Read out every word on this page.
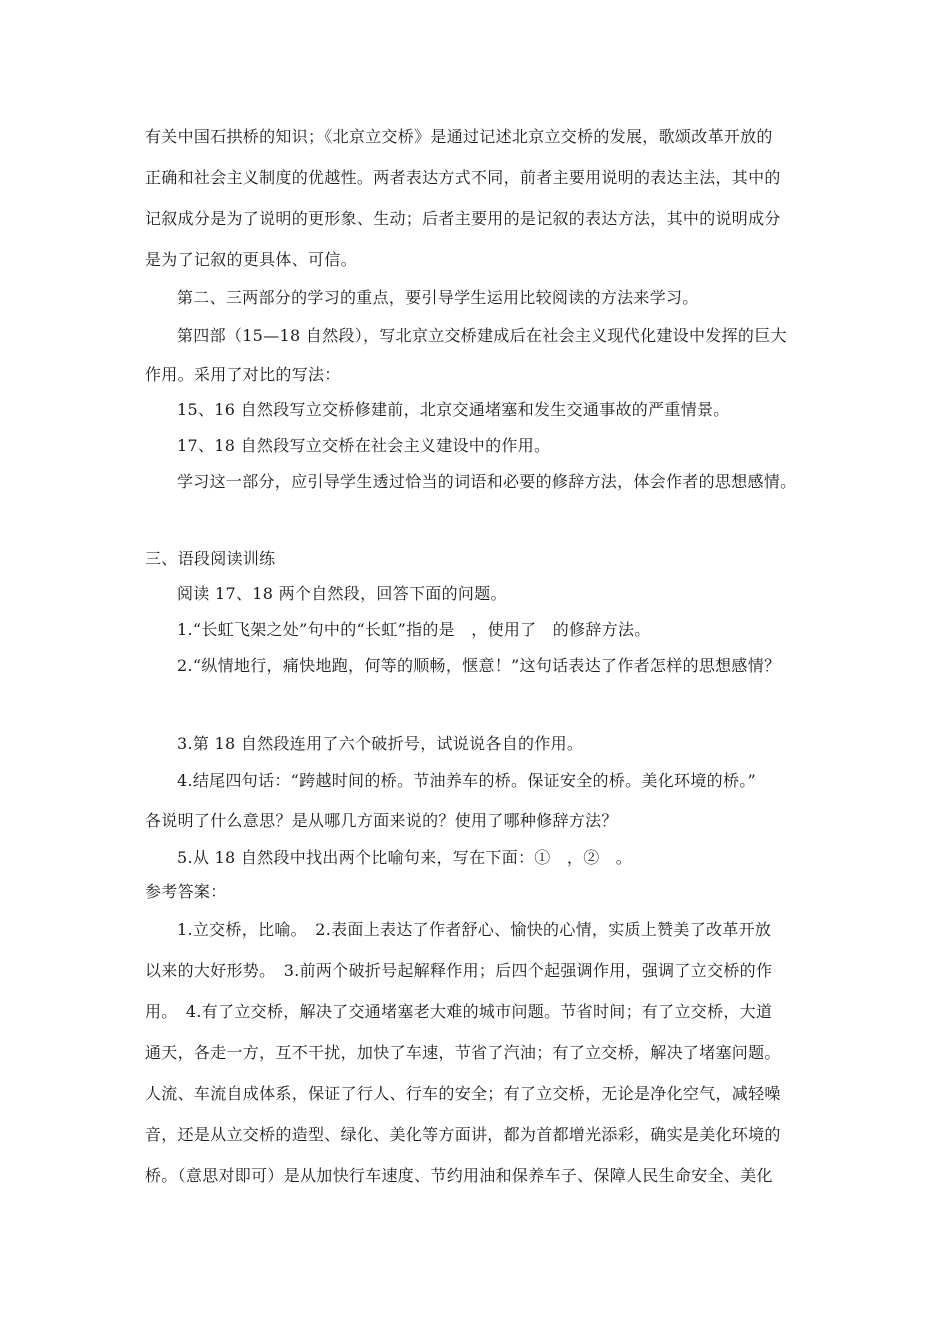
有关中国石拱桥的知识；《北京立交桥》是通过记述北京立交桥的发展，歌颂改革开放的
正确和社会主义制度的优越性。两者表达方式不同，前者主要用说明的表达主法，其中的
记叙成分是为了说明的更形象、生动；后者主要用的是记叙的表达方法，其中的说明成分
是为了记叙的更具体、可信。
第二、三两部分的学习的重点，要引导学生运用比较阅读的方法来学习。
第四部（15—18 自然段），写北京立交桥建成后在社会主义现代化建设中发挥的巨大
作用。采用了对比的写法：
15、16 自然段写立交桥修建前，北京交通堵塞和发生交通事故的严重情景。
17、18 自然段写立交桥在社会主义建设中的作用。
学习这一部分，应引导学生透过恰当的词语和必要的修辞方法，体会作者的思想感情。
三、语段阅读训练
阅读 17、18 两个自然段，回答下面的问题。
1.“长虹飞架之处”句中的“长虹”指的是　，使用了　的修辞方法。
2.“纵情地行，痛快地跑，何等的顺畅，惬意！”这句话表达了作者怎样的思想感情？
3.第 18 自然段连用了六个破折号，试说说各自的作用。
4.结尾四句话：“跨越时间的桥。节油养车的桥。保证安全的桥。美化环境的桥。”
各说明了什么意思？是从哪几方面来说的？使用了哪种修辞方法？
5.从 18 自然段中找出两个比喻句来，写在下面：①　，②　。
参考答案：
1.立交桥，比喻。　2.表面上表达了作者舒心、愉快的心情，实质上赞美了改革开放
以来的大好形势。　3.前两个破折号起解释作用；后四个起强调作用，强调了立交桥的作
用。　4.有了立交桥，解决了交通堵塞老大难的城市问题。节省时间；有了立交桥，大道
通天，各走一方，互不干扰，加快了车速，节省了汽油；有了立交桥，解决了堵塞问题。
人流、车流自成体系，保证了行人、行车的安全；有了立交桥，无论是净化空气，减轻噪
音，还是从立交桥的造型、绿化、美化等方面讲，都为首都增光添彩，确实是美化环境的
桥。（意思对即可）是从加快行车速度、节约用油和保养车子、保障人民生命安全、美化
